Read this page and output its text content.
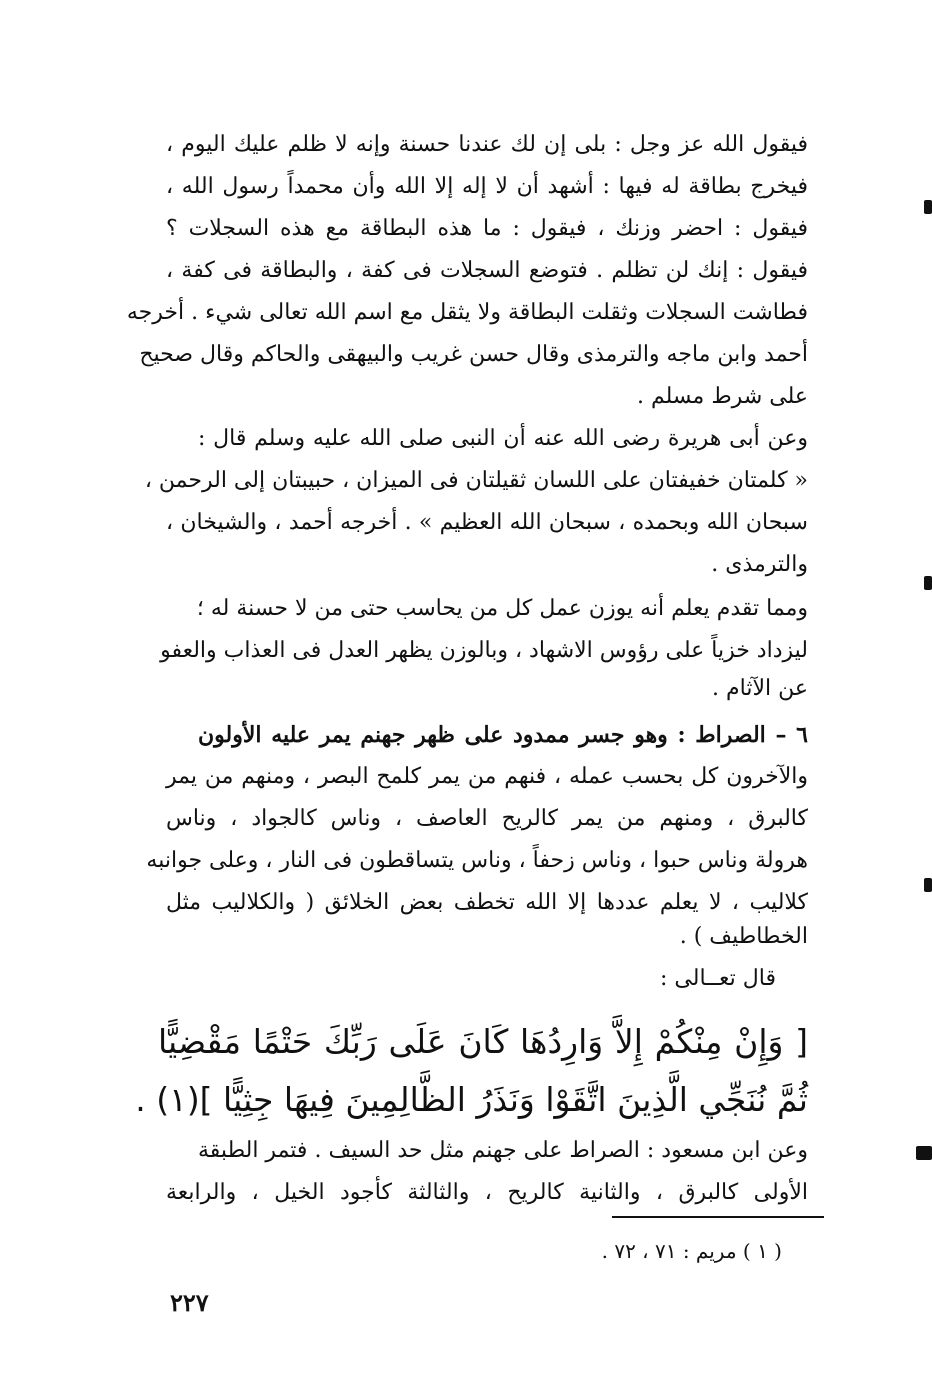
فيقول الله عز وجل : بلى إن لك عندنا حسنة وإنه لا ظلم عليك اليوم ،
فيخرج بطاقة له فيها : أشهد أن لا إله إلا الله وأن محمداً رسول الله ،
فيقول : احضر وزنك ، فيقول : ما هذه البطاقة مع هذه السجلات ؟
فيقول : إنك لن تظلم . فتوضع السجلات فى كفة ، والبطاقة فى كفة ،
فطاشت السجلات وثقلت البطاقة ولا يثقل مع اسم الله تعالى شيء . أخرجه
أحمد وابن ماجه والترمذى وقال حسن غريب والبيهقى والحاكم وقال صحيح
على شرط مسلم .
وعن أبى هريرة رضى الله عنه أن النبى صلى الله عليه وسلم قال :
« كلمتان خفيفتان على اللسان ثقيلتان فى الميزان ، حبيبتان إلى الرحمن ،
سبحان الله وبحمده ، سبحان الله العظيم » . أخرجه أحمد ، والشيخان ،
والترمذى .
ومما تقدم يعلم أنه يوزن عمل كل من يحاسب حتى من لا حسنة له ؛
ليزداد خزياً على رؤوس الاشهاد ، وبالوزن يظهر العدل فى العذاب والعفو
عن الآثام .
٦ – الصراط : وهو جسر ممدود على ظهر جهنم يمر عليه الأولون
والآخرون كل بحسب عمله ، فنهم من يمر كلمح البصر ، ومنهم من يمر
كالبرق ، ومنهم من يمر كالريح العاصف ، وناس كالجواد ، وناس
هرولة وناس حبوا ، وناس زحفاً ، وناس يتساقطون فى النار ، وعلى جوانبه
كلاليب ، لا يعلم عددها إلا الله تخطف بعض الخلائق ( والكلاليب مثل
الخطاطيف ) .
قال تعــالى :
[ وَإِنْ مِنْكُمْ إِلاَّ وَارِدُهَا كَانَ عَلَى رَبِّكَ حَتْمًا مَقْضِيًّا
ثُمَّ نُنَجِّي الَّذِينَ اتَّقَوْا وَنَذَرُ الظَّالِمِينَ فِيهَا جِثِيًّا ](١) .
وعن ابن مسعود : الصراط على جهنم مثل حد السيف . فتمر الطبقة
الأولى كالبرق ، والثانية كالريح ، والثالثة كأجود الخيل ، والرابعة
( ١ ) مريم : ٧١ ، ٧٢ .
٢٢٧
